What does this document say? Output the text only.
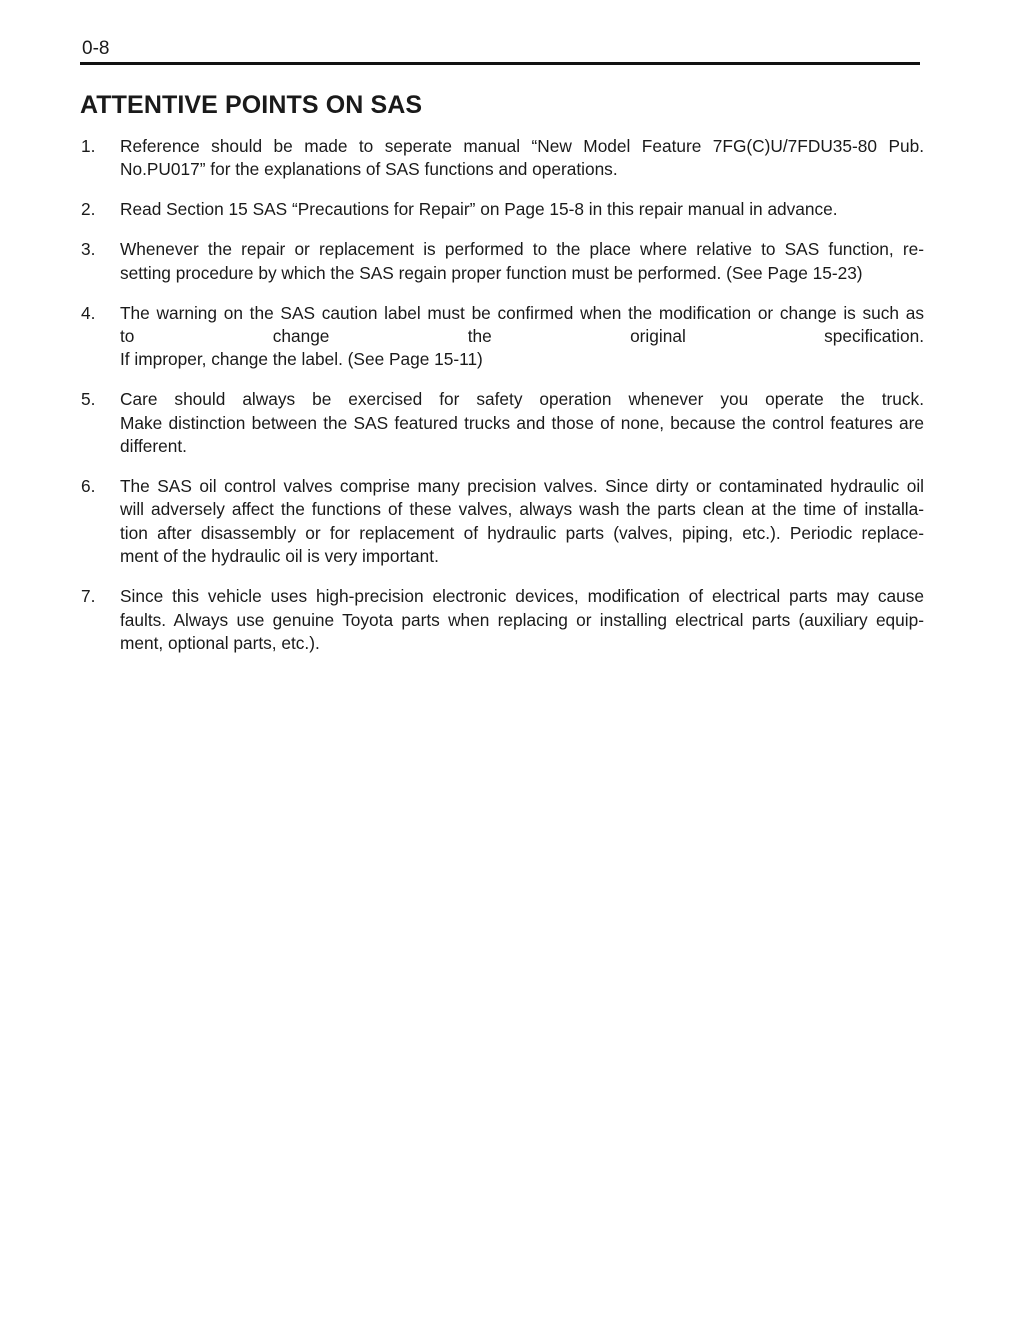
0-8
ATTENTIVE POINTS ON SAS
1. Reference should be made to seperate manual “New Model Feature 7FG(C)U/7FDU35-80 Pub.
No.PU017” for the explanations of SAS functions and operations.
2. Read Section 15 SAS “Precautions for Repair” on Page 15-8 in this repair manual in advance.
3. Whenever the repair or replacement is performed to the place where relative to SAS function, re-
setting procedure by which the SAS regain proper function must be performed. (See Page 15-23)
4. The warning on the SAS caution label must be confirmed when the modification or change is such as
to change the original specification.
If improper, change the label. (See Page 15-11)
5. Care should always be exercised for safety operation whenever you operate the truck.
Make distinction between the SAS featured trucks and those of none, because the control features are
different.
6. The SAS oil control valves comprise many precision valves. Since dirty or contaminated hydraulic oil
will adversely affect the functions of these valves, always wash the parts clean at the time of installa-
tion after disassembly or for replacement of hydraulic parts (valves, piping, etc.). Periodic replace-
ment of the hydraulic oil is very important.
7. Since this vehicle uses high-precision electronic devices, modification of electrical parts may cause
faults. Always use genuine Toyota parts when replacing or installing electrical parts (auxiliary equip-
ment, optional parts, etc.).
